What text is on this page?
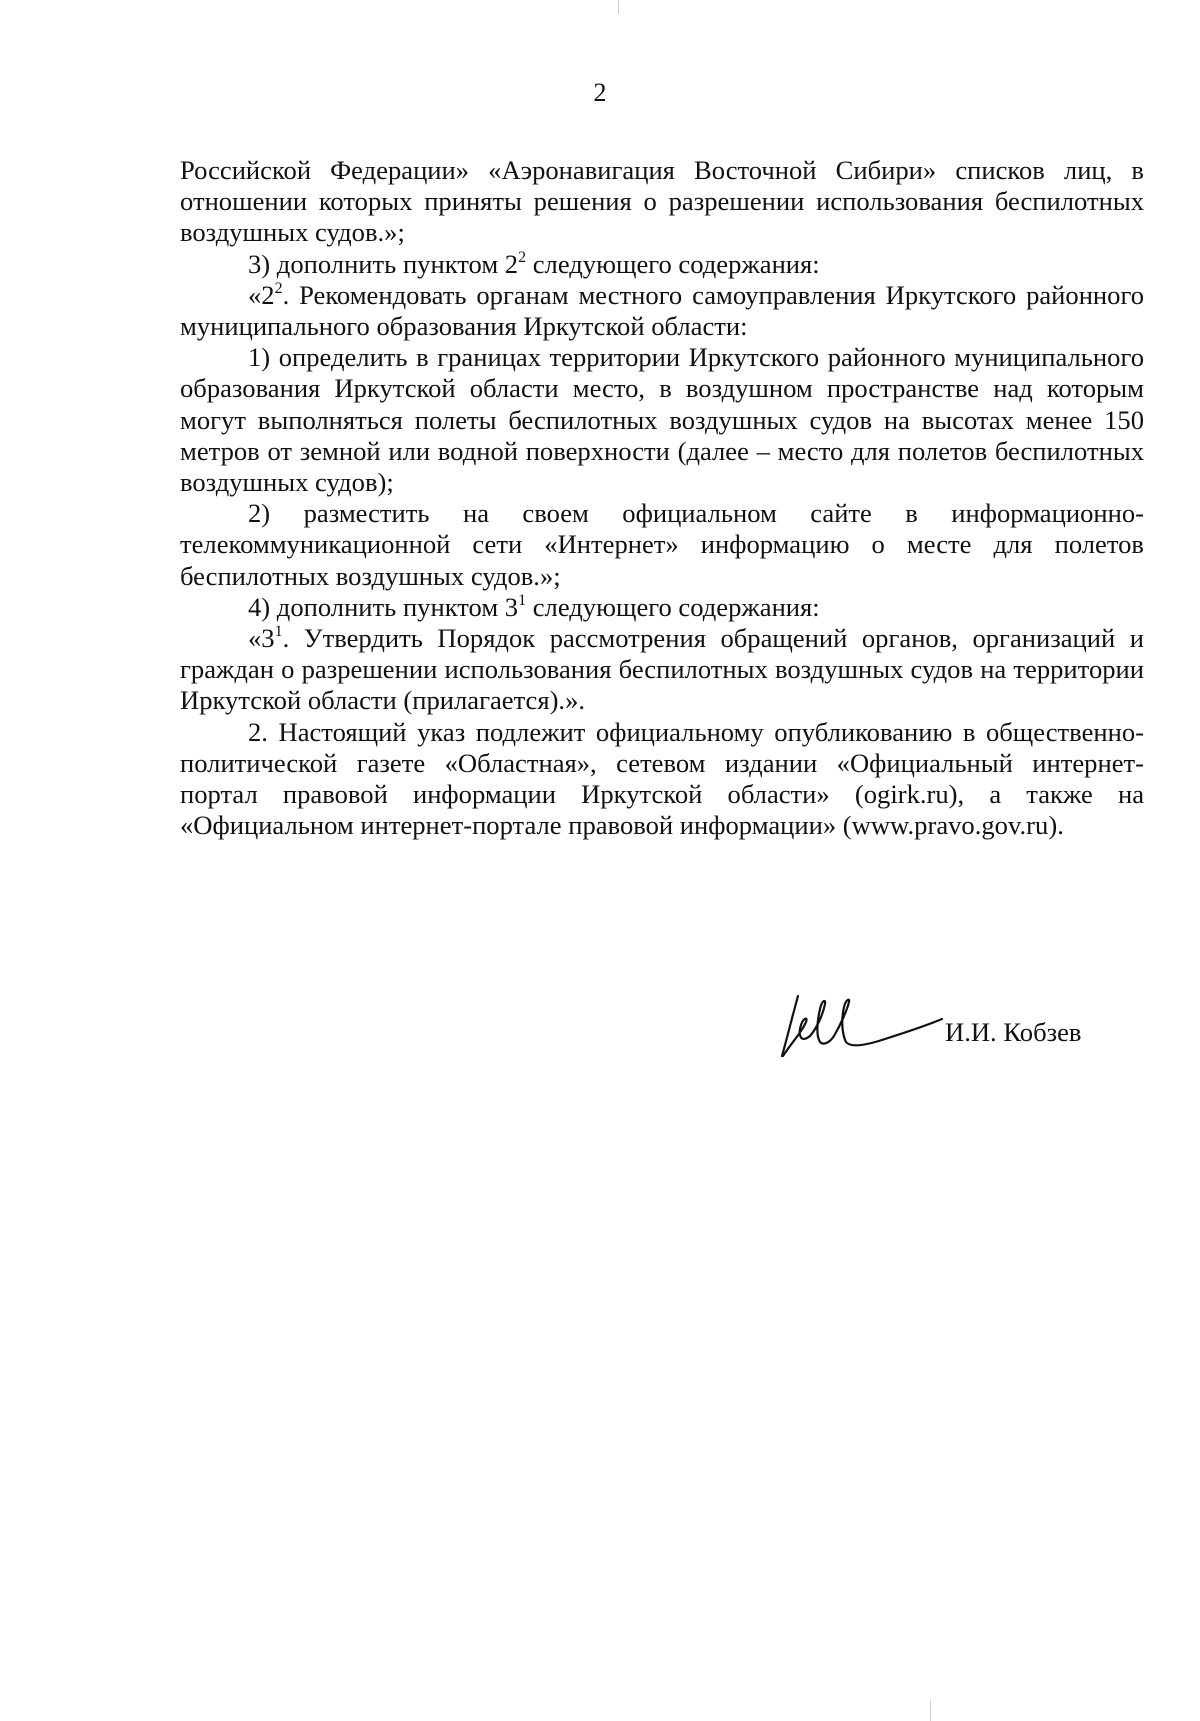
2

Российской Федерации» «Аэронавигация Восточной Сибири» списков лиц, в отношении которых приняты решения о разрешении использования беспилотных воздушных судов.»;

3) дополнить пунктом $2^2$ следующего содержания:

«$2^2$. Рекомендовать органам местного самоуправления Иркутского районного муниципального образования Иркутской области:

1) определить в границах территории Иркутского районного муниципального образования Иркутской области место, в воздушном пространстве над которым могут выполняться полеты беспилотных воздушных судов на высотах менее 150 метров от земной или водной поверхности (далее – место для полетов беспилотных воздушных судов);

2) разместить на своем официальном сайте в информационно-телекоммуникационной сети «Интернет» информацию о месте для полетов беспилотных воздушных судов.»;

4) дополнить пунктом $3^1$ следующего содержания:

«$3^1$. Утвердить Порядок рассмотрения обращений органов, организаций и граждан о разрешении использования беспилотных воздушных судов на территории Иркутской области (прилагается).».

2. Настоящий указ подлежит официальному опубликованию в общественно-политической газете «Областная», сетевом издании «Официальный интернет-портал правовой информации Иркутской области» (ogirk.ru), а также на «Официальном интернет-портале правовой информации» (www.pravo.gov.ru).

И.И. Кобзев
